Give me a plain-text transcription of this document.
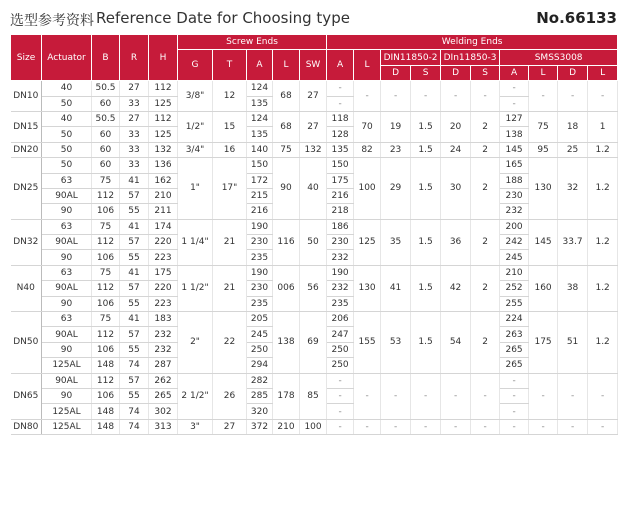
选型参考资料 Reference Date for Choosing type	No.66133
Size	Actuator	B	R	H	Screw Ends					Welding Ends									
					G	T	A	L	SW	A	L	DIN11850-2		DIn11850-3		SMSS3008			
												D	S	D	S	A	L	D	L
DN10	40	50.5	27	112	3/8"	12	124	68	27	-	-	-	-	-	-	-	-	-	-
	50	60	33	125			135			-						-			
DN15	40	50.5	27	112	1/2"	15	124	68	27	118	70	19	1.5	20	2	127	75	18	1
	50	60	33	125			135			128						138			
DN20	50	60	33	132	3/4"	16	140	75	132	135	82	23	1.5	24	2	145	95	25	1.2
DN25	50	60	33	136	1"	17"	150	90	40	150	100	29	1.5	30	2	165	130	32	1.2
	63	75	41	162			172			175						188			
	90AL	112	57	210			215			216						230			
	90	106	55	211			216			218						232			
DN32	63	75	41	174	1 1/4"	21	190	116	50	186	125	35	1.5	36	2	200	145	33.7	1.2
	90AL	112	57	220			230			230						242			
	90	106	55	223			235			232						245			
N40	63	75	41	175	1 1/2"	21	190	006	56	190	130	41	1.5	42	2	210	160	38	1.2
	90AL	112	57	220			230			232						252			
	90	106	55	223			235			235						255			
DN50	63	75	41	183	2"	22	205	138	69	206	155	53	1.5	54	2	224	175	51	1.2
	90AL	112	57	232			245			247						263			
	90	106	55	232			250			250						265			
	125AL	148	74	287			294			250						265			
DN65	90AL	112	57	262	2 1/2"	26	282	178	85	-	-	-	-	-	-	-	-	-	-
	90	106	55	265			285			-						-			
	125AL	148	74	302			320			-						-			
DN80	125AL	148	74	313	3"	27	372	210	100	-	-	-	-	-	-	-	-	-	-
